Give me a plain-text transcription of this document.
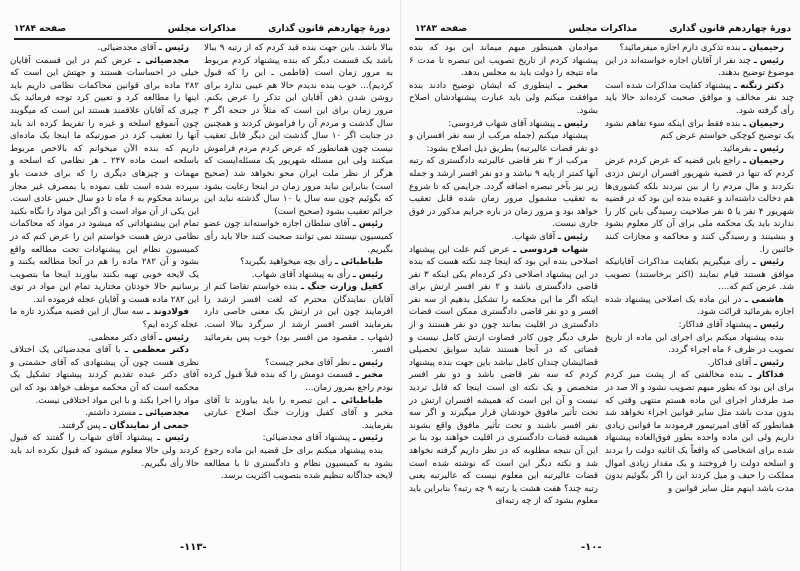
دورهٔ چهاردهم قانون گذاری
مذاکرات مجلس
صفحه ۱۲۸۴

ببالا باشد. باین جهت بنده قید کردم که از رتبه ۹ ببالا باشد یک قسمت دیگر که بنده پیشنهاد کردم مربوط به مرور زمان است (فاطمی ـ این را که قبول کردیم)... خوب بنده ندیدم حالا هم عیبی ندارد برای روشن شدن ذهن آقایان این تذکر را عرض بکنم. مرور زمان برای این است که مثلاً در جنحه اگر ۳ سال گذشت و مردم آن را فراموش کردند و همچنین در جنایت اگر ۱۰ سال گذشت این دیگر قابل تعقیب نیست چون همانطور که عرض کردم مردم فراموش میکنند ولی این مسئله شهریور یک مسئله‌ایست که هرگز از نظر ملت ایران محو نخواهد شد (صحیح است) بنابراین نباید مرور زمان در اینجا رعایت بشود که بگوئیم چون سه سال یا ۱۰ سال گذشته نباید این جرائم تعقیب بشود (صحیح است)

رئیس ـ آقای سلطان اجازه خواسته‌اند چون عضو کمیسیون نیستند نمی توانند صحبت کنند حالا باید رأی بگیریم.

طباطبائی ـ رأی بچه میخواهید بگیرید؟

رئیس ـ رأی به پیشنهاد آقای شهاب.

کفیل وزارت جنگ ـ بنده خواستم تقاضا کنم از آقایان نمایندگان محترم که لغت افسر ارشد را افرمایند چون این در ارتش یک معنی خاصی دارد بفرمایند افسر افسر ارشد از سرگرد ببالا است. (شهاب ـ مقصود من افسر بود) خوب پس بفرمائید افسر.

رئیس ـ نظر آقای مخبر چیست؟

مخبر ـ قسمت دومش را که بنده قبلاً قبول کرده بودم راجع بمرور زمان...

طباطبائی ـ این تبصره را باید بیاورند تا آقای مخبر و آقای کفیل وزارت جنگ اصلاح عبارتی بفرمایند.

رئیس ـ پیشنهاد آقای مجدضیائی:

بنده پیشنهاد میکنم برای حل قضیه این ماده رجوع بشود به کمیسیون نظام و دادگستری تا با مطالعه لایحه جداگانه تنظیم شده بتصویب اکثریت برسد.

رئیس ـ آقای مجدضیائی.

مجدضیائی ـ عرض کنم در این قسمت آقایان خیلی در احساسات هستند و جهتش این است که ۲۸۲ ماده برای قوانین محاکمات نظامی داریم باید اینها را مطالعه کرد و تعیین کرد توجه فرمائید یک چیزی که آقایان علاقمند هستند این است که میگویند چون آنموقع اسلحه و غیره را تفریط کرده اند باید آنها را تعقیب کرد در صورتیکه ما اینجا یک ماده‌ای داریم که بنده الآن میخوانم که بالاخص مربوط باسلحه است ماده ۲۴۷ ـ هر نظامی که اسلحه و مهمات و چیزهای دیگری را که برای خدمت باو سپرده شده است تلف نموده یا بمصرف غیر مجاز برساند محکوم به ۶ ماه تا دو سال حبس عادی است. این یکی از آن مواد است و اگر این مواد را نگاه بکنید تمام این پیشنهاداتی که میشود در مواد که محاکمات نظامی درش هست خواستم این را عرض کنم که در کمیسیون نظام این پیشنهادات تحت مطالعه واقع بشود و آن ۲۸۲ ماده را هم در آنجا مطالعه بکنند و یک لایحه خوبی تهیه بکنند بیاورند اینجا ما بتصویب برسانیم حالا خودتان مختارید تمام این مواد در توی این ۲۸۲ ماده هست و آقایان عجله فرموده اند.

فولادوند ـ سه سال از این قضیه میگذرد تازه ما عجله کرده ایم؟

رئیس ـ آقای دکتر معظمی.

دکتر معظمی ـ با آقای مجدضیائی یک اختلاف نظری هست چون آن پیشنهادی که آقای حشمتی و آقای دکتر عبده تقدیم کردند پیشنهاد تشکیل یک محکمه است که آن محکمه موظف خواهد بود که این مواد را اجرا بکند و با این مواد اختلافی نیست.

مجدضیائی ـ مسترد داشتم.

جمعی از نمایندگان ـ پس گرفتند.

رئیس ـ پیشنهاد آقای شهاب را گفتند که قبول کردند ولی حالا معلوم میشود که قبول نکرده اند باید حالا رأی بگیریم.

-۱۱۳-
دورهٔ چهاردهم قانون گذاری
مذاکرات مجلس
صفحه ۱۲۸۳

رحیمیان ـ بنده تذکری دارم اجازه میفرمائید؟

رئیس ـ چند نفر از آقایان اجازه خواسته‌اند در این موضوع توضیح بدهند.

دکتر زنگنه ـ پیشنهاد کفایت مذاکرات شده است چند نفر مخالف و موافق صحبت کرده‌اند حالا باید رأی گرفته شود.

رحیمیان ـ بنده فقط برای اینکه سوء تفاهم نشود یک توضیح کوچکی خواستم عرض کنم

رئیس ـ بفرمائید.

رحیمیان ـ راجع باین قضیه که عرض کردم عرض کردم که تنها در قضیه شهریور افسران ارتش دزدی نکردند و مال مردم را از بین نبردند بلکه کشوری‌ها هم دخالت داشته‌اند و عقیده بنده این بود که در قضیه شهریور ۴ نفر یا ۵ نفر صلاحیت رسیدگی باین کار را ندارند باید یک محکمه ملی برای آن کار معلوم بشود و بنشینند و رسیدگی کنند و محاکمه و مجازات کنند خائنین را.

رئیس ـ رأی میگیریم بکفایت مذاکرات آقایانیکه موافق هستند قیام نمایند (اکثر برخاستند) تصویب شد. عرض کنم که....

هاشمی ـ در این ماده یک اصلاحی پیشنهاد شده اجازه بفرمائید قرائت شود.

رئیس ـ پیشنهاد آقای فداکار:

بنده پیشنهاد میکنم برای اجرای این ماده از تاریخ تصویب در ظرف ۶ ماه اجراء گردد.

رئیس ـ آقای فداکار.

فداکار ـ بنده مخالفتی که از پشت میز کردم برای این بود که بطور مبهم تصویب نشود و الا صد در صد طرفدار اجرای این ماده هستم منتهی وقتی که بدون مدت باشد مثل سایر قوانین اجراء نخواهد شد همانطور که آقای امیرتیمور فرمودند ما قوانین زیادی داریم ولی این ماده واحده بطور فوق‌العاده پیشنهاد شده برای اشخاصی که واقعاً یک اثاثیه دولت را بردند و اسلحه دولت را فروختند و یک مقدار زیادی اموال مملکت را حیف و میل کردند این را اگر بگوئیم بدون مدت باشد اینهم مثل سایر قوانین و

موادمان همینطور مبهم میماند این بود که بنده پیشنهاد کردم از تاریخ تصویب این تبصره تا مدت ۶ ماه نتیجه را دولت باید به مجلس بدهد.

مخبر ـ اینطوری که ایشان توضیح دادند بنده موافقت میکنم ولی باید عبارت پیشنهادشان اصلاح بشود.

رئیس ـ پیشنهاد آقای شهاب فردوسی:

پیشنهاد میکنم (جمله مرکب از سه نفر افسران و دو نفر قضات عالیرتبه) بطریق ذیل اصلاح بشود:

مرکب از ۳ نفر قاضی عالیرتبه دادگستری که رتبه آنها کمتر از پایه ۹ نباشد و دو نفر افسر ارشد و جمله زیر نیز بآخر تبصره اضافه گردد. جرایمی که تا شروع به تعقیب مشمول مرور زمان شده قابل تعقیب خواهد بود و مرور زمان در باره جرایم مذکور در فوق جاری نیست.

رئیس ـ آقای شهاب.

شهاب فردوسی ـ عرض کنم علت این پیشنهاد اصلاحی بنده این بود که اینجا چند نکته هست که بنده در این پیشنهاد اصلاحی ذکر کرده‌ام یکی اینکه ۳ نفر قاضی دادگستری باشد و ۲ نفر افسر ارتش برای اینکه اگر ما این محکمه را تشکیل بدهیم از سه نفر افسر و دو نفر قاضی دادگستری ممکن است قضات دادگستری در اقلیت بمانند چون دو نفر هستند و از طرف دیگر چون کادر قضاوت ارتش کامل نیست و قضاتی که در آنجا هستند شاید سوابق تحصیلی قضائیشان چندان کامل نباشد باین جهت بنده پیشنهاد کردم که سه نفر قاضی باشد و دو نفر افسر متخصص و یک نکته ای است اینجا که قابل تردید نیست و آن این است که همیشه افسران ارتش در تحت تأثیر مافوق خودشان قرار میگیرند و اگر سه نفر افسر باشند و تحت تأثیر مافوق واقع بشوند همیشه قضات دادگستری در اقلیت خواهند بود بنا بر این آن نتیجه مطلوبه که در نظر داریم گرفته نخواهد شد و نکته دیگر این است که نوشته شده است قضات عالیرتبه این معلوم نیست که عالیرتبه یعنی رتبه چند؟ هفت هشت یا رتبه ۹ چه رتبه؟ بنابراین باید معلوم بشود که از چه رتبه‌ای

-۱۰-
